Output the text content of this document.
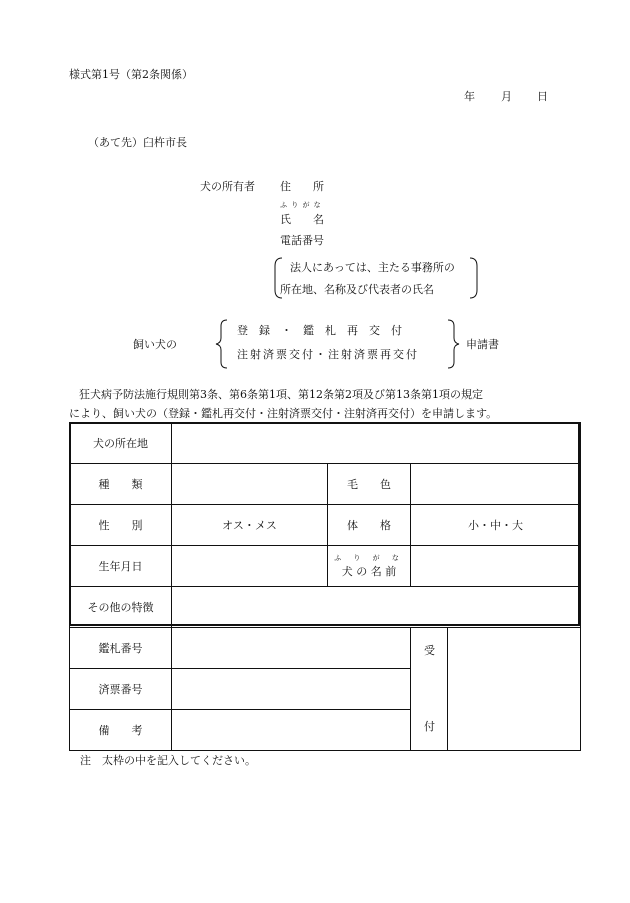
様式第1号（第2条関係）
年 月 日
（あて先）臼杵市長
犬の所有者 住　　所
ふ り が な
氏　　名
電話番号
法人にあっては、主たる事務所の
所在地、名称及び代表者の氏名
飼い犬の
登　録　・　鑑　札　再　交　付
注射済票交付・注射済票再交付
申請書
狂犬病予防法施行規則第3条、第6条第1項、第12条第2項及び第13条第1項の規定
により、飼い犬の（登録・鑑札再交付・注射済票交付・注射済再交付）を申請します。
犬の所在地				
種　　類		毛　　色		
性　　別	オス・メス	体　　格	小・中・大	
生年月日		ふ り が な
犬 の 名 前		
その他の特徴				
鑑札番号			受
付	

済票番号				
備　　考				
注　太枠の中を記入してください。
